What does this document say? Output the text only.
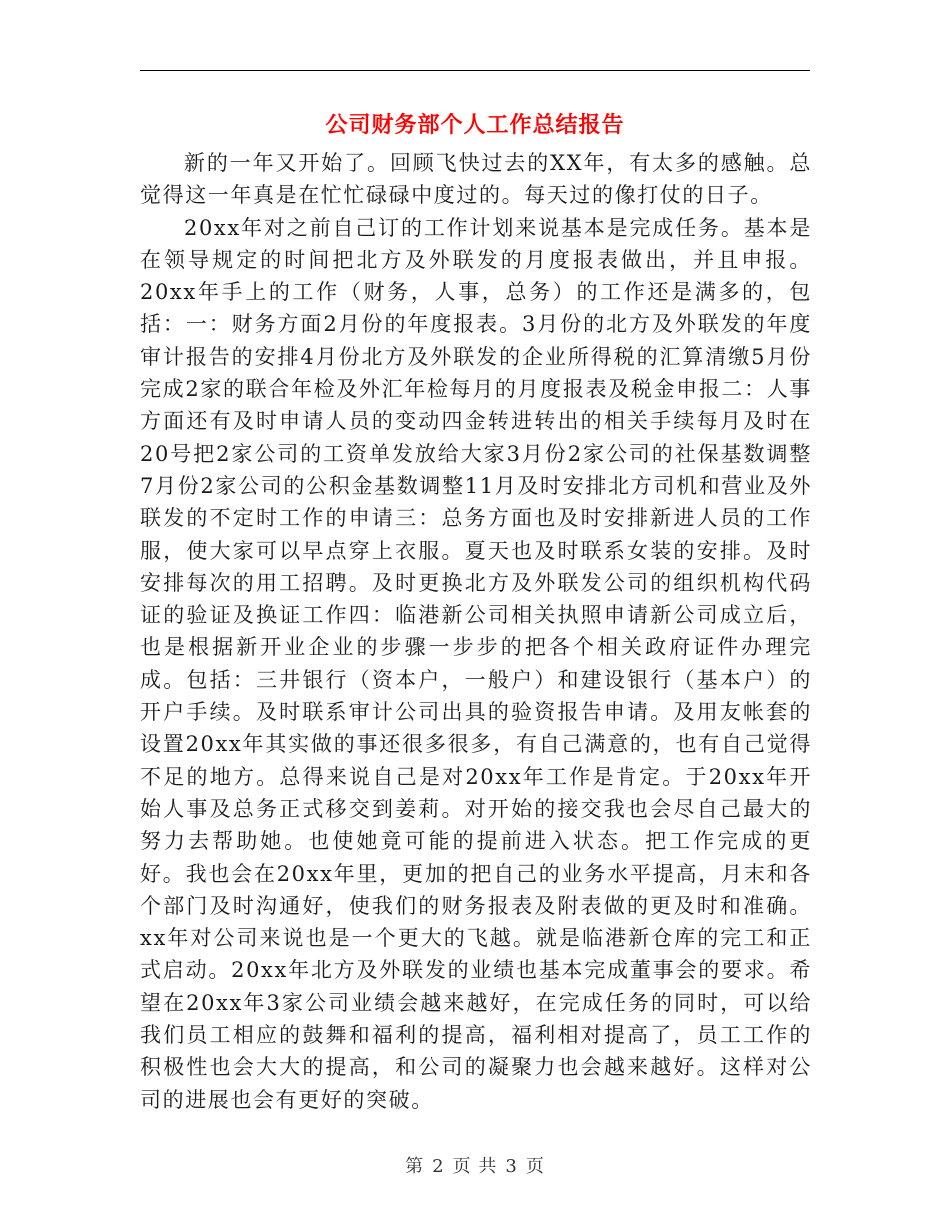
公司财务部个人工作总结报告

新的一年又开始了。回顾飞快过去的XX年，有太多的感触。总觉得这一年真是在忙忙碌碌中度过的。每天过的像打仗的日子。

20xx年对之前自己订的工作计划来说基本是完成任务。基本是在领导规定的时间把北方及外联发的月度报表做出，并且申报。20xx年手上的工作（财务，人事，总务）的工作还是满多的，包括：一：财务方面2月份的年度报表。3月份的北方及外联发的年度审计报告的安排4月份北方及外联发的企业所得税的汇算清缴5月份完成2家的联合年检及外汇年检每月的月度报表及税金申报二：人事方面还有及时申请人员的变动四金转进转出的相关手续每月及时在20号把2家公司的工资单发放给大家3月份2家公司的社保基数调整7月份2家公司的公积金基数调整11月及时安排北方司机和营业及外联发的不定时工作的申请三：总务方面也及时安排新进人员的工作服，使大家可以早点穿上衣服。夏天也及时联系女装的安排。及时安排每次的用工招聘。及时更换北方及外联发公司的组织机构代码证的验证及换证工作四：临港新公司相关执照申请新公司成立后，也是根据新开业企业的步骤一步步的把各个相关政府证件办理完成。包括：三井银行（资本户，一般户）和建设银行（基本户）的开户手续。及时联系审计公司出具的验资报告申请。及用友帐套的设置20xx年其实做的事还很多很多，有自己满意的，也有自己觉得不足的地方。总得来说自己是对20xx年工作是肯定。于20xx年开始人事及总务正式移交到姜莉。对开始的接交我也会尽自己最大的努力去帮助她。也使她竟可能的提前进入状态。把工作完成的更好。我也会在20xx年里，更加的把自己的业务水平提高，月末和各个部门及时沟通好，使我们的财务报表及附表做的更及时和准确。xx年对公司来说也是一个更大的飞越。就是临港新仓库的完工和正式启动。20xx年北方及外联发的业绩也基本完成董事会的要求。希望在20xx年3家公司业绩会越来越好，在完成任务的同时，可以给我们员工相应的鼓舞和福利的提高，福利相对提高了，员工工作的积极性也会大大的提高，和公司的凝聚力也会越来越好。这样对公司的进展也会有更好的突破。

第 2 页 共 3 页
